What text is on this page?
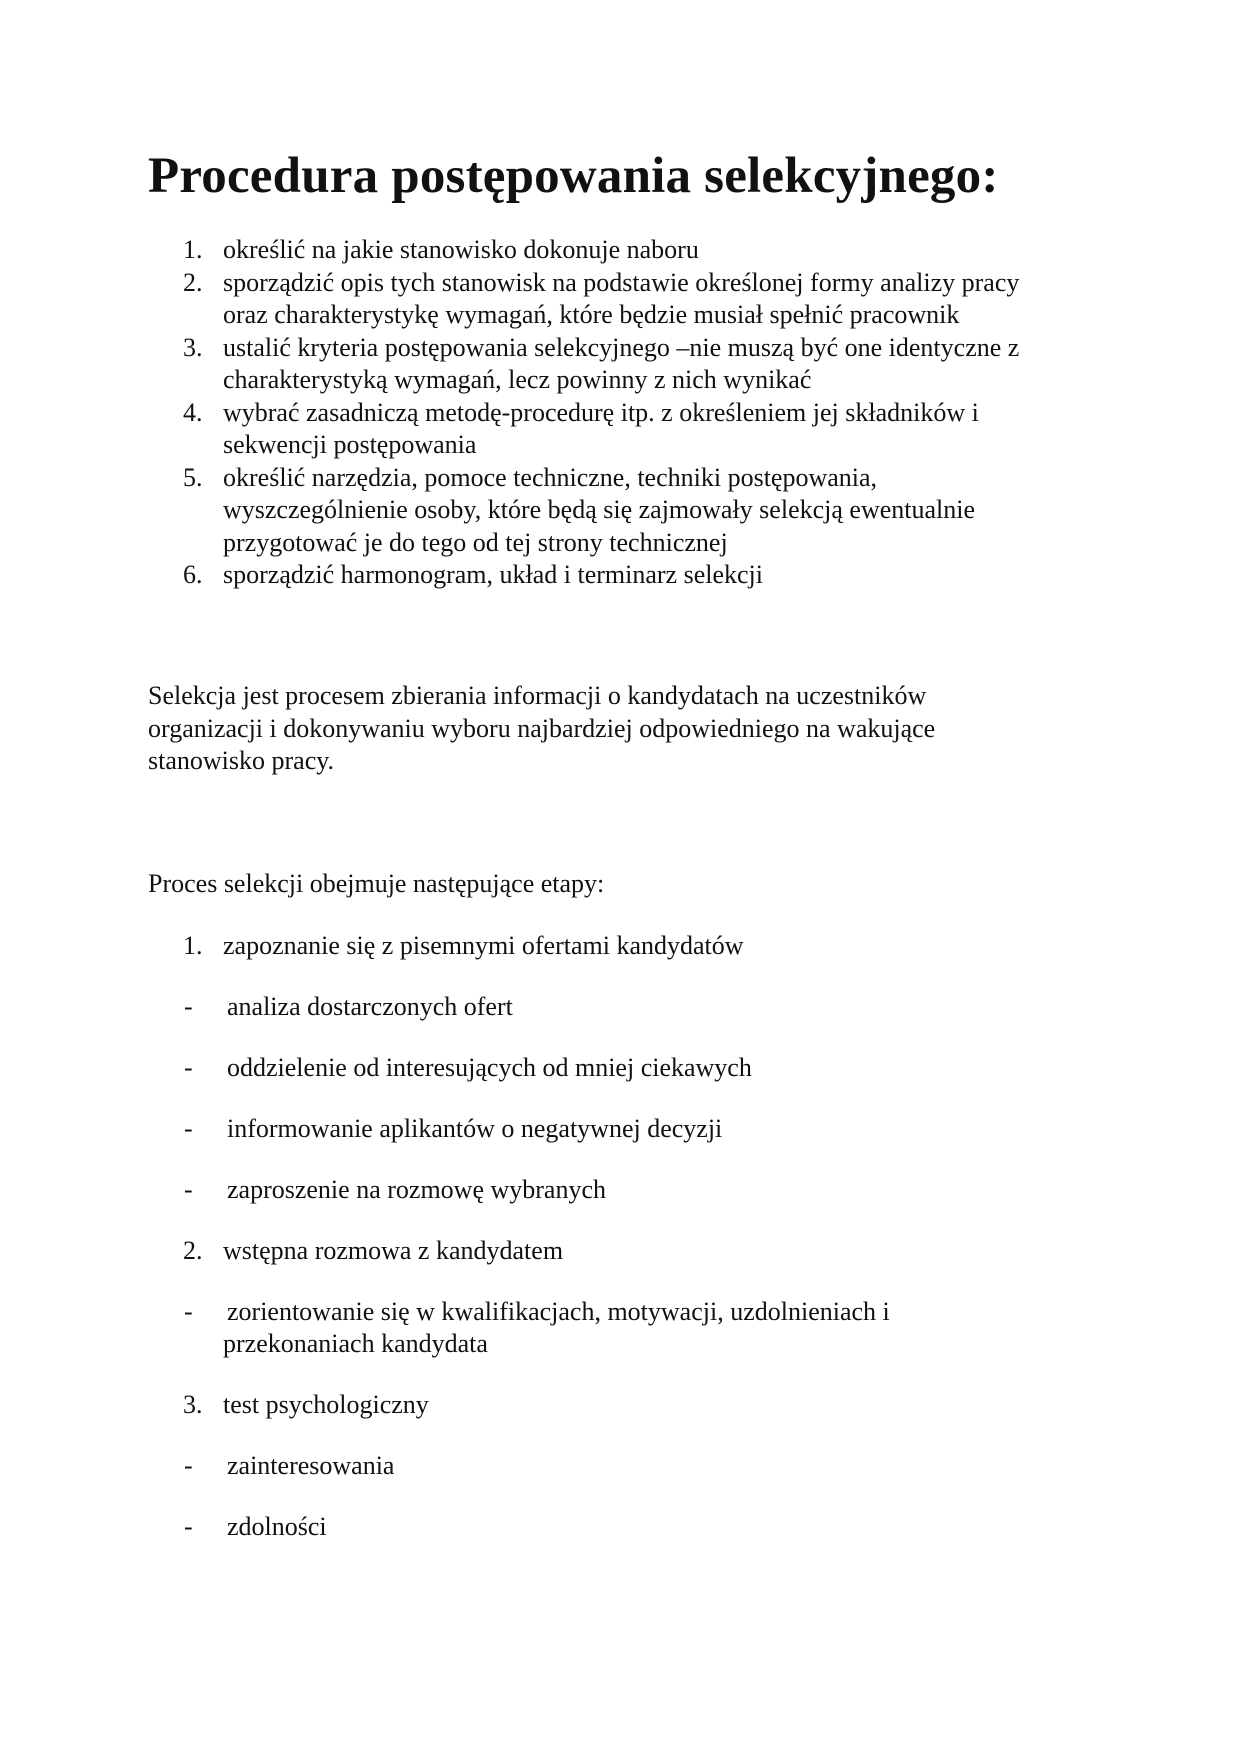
Procedura postępowania selekcyjnego:
1. określić na jakie stanowisko dokonuje naboru
2. sporządzić opis tych stanowisk na podstawie określonej formy analizy pracy
oraz charakterystykę wymagań, które będzie musiał spełnić pracownik
3. ustalić kryteria postępowania selekcyjnego –nie muszą być one identyczne z
charakterystyką wymagań, lecz powinny z nich wynikać
4. wybrać zasadniczą metodę-procedurę itp. z określeniem jej składników i
sekwencji postępowania
5. określić narzędzia, pomoce techniczne, techniki postępowania,
wyszczególnienie osoby, które będą się zajmowały selekcją ewentualnie
przygotować je do tego od tej strony technicznej
6. sporządzić harmonogram, układ i terminarz selekcji

Selekcja jest procesem zbierania informacji o kandydatach na uczestników
organizacji i dokonywaniu wyboru najbardziej odpowiedniego na wakujące
stanowisko pracy.

Proces selekcji obejmuje następujące etapy:

1. zapoznanie się z pisemnymi ofertami kandydatów
- analiza dostarczonych ofert
- oddzielenie od interesujących od mniej ciekawych
- informowanie aplikantów o negatywnej decyzji
- zaproszenie na rozmowę wybranych
2. wstępna rozmowa z kandydatem
- zorientowanie się w kwalifikacjach, motywacji, uzdolnieniach i
przekonaniach kandydata
3. test psychologiczny
- zainteresowania
- zdolności
